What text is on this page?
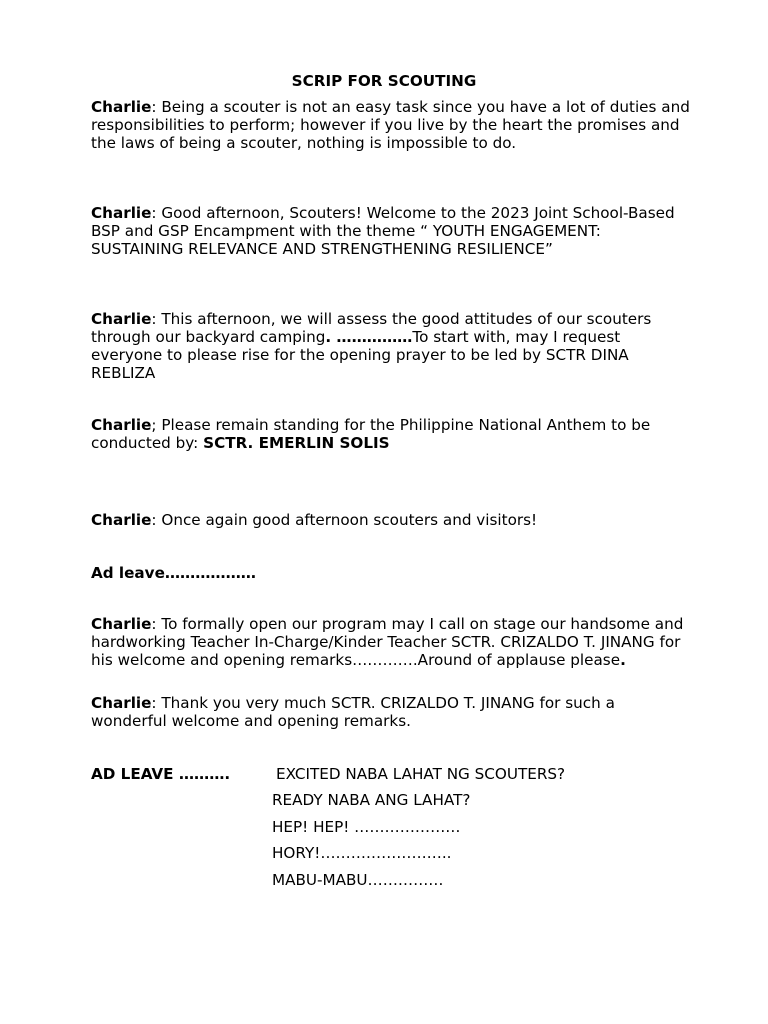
SCRIP FOR SCOUTING

Charlie: Being a scouter is not an easy task since you have a lot of duties and responsibilities to perform; however if you live by the heart the promises and the laws of being a scouter, nothing is impossible to do.

Charlie: Good afternoon, Scouters! Welcome to the 2023 Joint School-Based BSP and GSP Encampment with the theme “ YOUTH ENGAGEMENT: SUSTAINING RELEVANCE AND STRENGTHENING RESILIENCE”

Charlie: This afternoon, we will assess the good attitudes of our scouters through our backyard camping. ……………To start with, may I request everyone to please rise for the opening prayer to be led by SCTR DINA REBLIZA

Charlie; Please remain standing for the Philippine National Anthem to be conducted by: SCTR. EMERLIN SOLIS

Charlie: Once again good afternoon scouters and visitors!

Ad leave………………

Charlie: To formally open our program may I call on stage our handsome and hardworking Teacher In-Charge/Kinder Teacher SCTR. CRIZALDO T. JINANG for his welcome and opening remarks………….Around of applause please.

Charlie: Thank you very much SCTR. CRIZALDO T. JINANG for such a wonderful welcome and opening remarks.

AD LEAVE ……….	EXCITED NABA LAHAT NG SCOUTERS?
READY NABA ANG LAHAT?
HEP! HEP! …………………
HORY!……………………..
MABU-MABU……………
